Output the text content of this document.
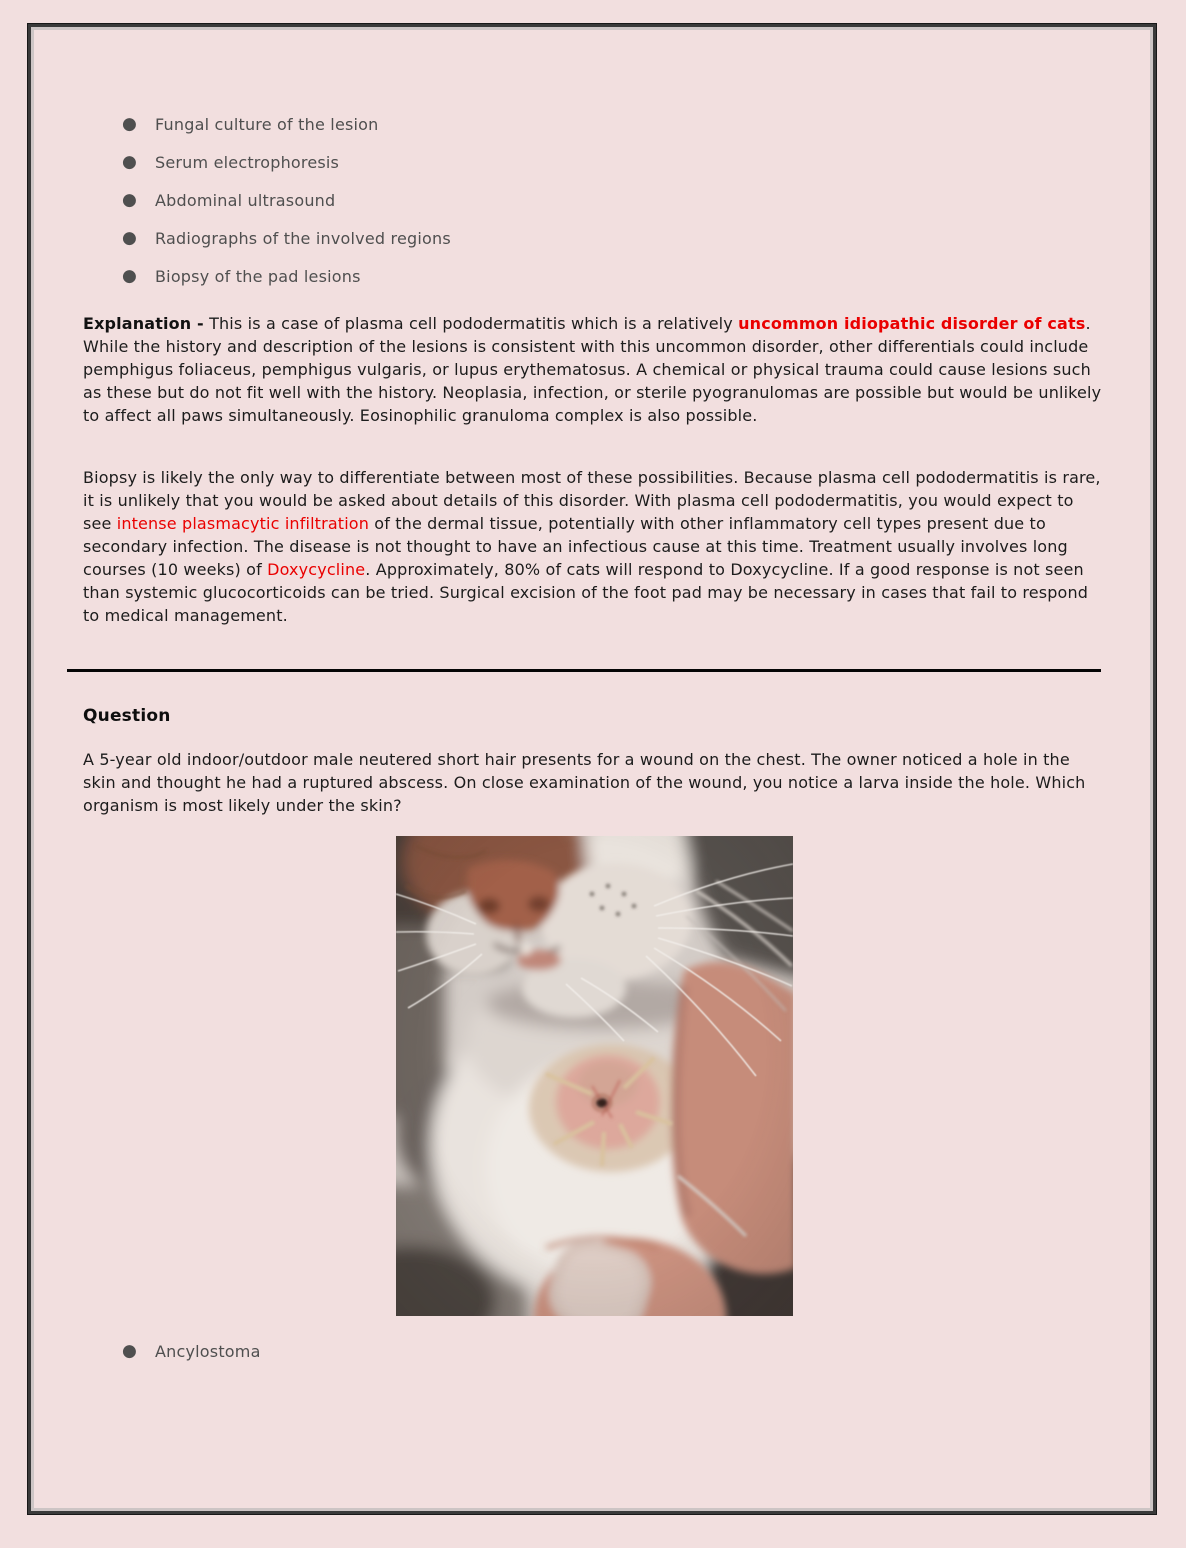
● Fungal culture of the lesion
● Serum electrophoresis
● Abdominal ultrasound
● Radiographs of the involved regions
● Biopsy of the pad lesions

Explanation - This is a case of plasma cell pododermatitis which is a relatively uncommon idiopathic disorder of cats. While the history and description of the lesions is consistent with this uncommon disorder, other differentials could include pemphigus foliaceus, pemphigus vulgaris, or lupus erythematosus. A chemical or physical trauma could cause lesions such as these but do not fit well with the history. Neoplasia, infection, or sterile pyogranulomas are possible but would be unlikely to affect all paws simultaneously. Eosinophilic granuloma complex is also possible.

Biopsy is likely the only way to differentiate between most of these possibilities. Because plasma cell pododermatitis is rare, it is unlikely that you would be asked about details of this disorder. With plasma cell pododermatitis, you would expect to see intense plasmacytic infiltration of the dermal tissue, potentially with other inflammatory cell types present due to secondary infection. The disease is not thought to have an infectious cause at this time. Treatment usually involves long courses (10 weeks) of Doxycycline. Approximately, 80% of cats will respond to Doxycycline. If a good response is not seen than systemic glucocorticoids can be tried. Surgical excision of the foot pad may be necessary in cases that fail to respond to medical management.

Question

A 5-year old indoor/outdoor male neutered short hair presents for a wound on the chest. The owner noticed a hole in the skin and thought he had a ruptured abscess. On close examination of the wound, you notice a larva inside the hole. Which organism is most likely under the skin?

● Ancylostoma
